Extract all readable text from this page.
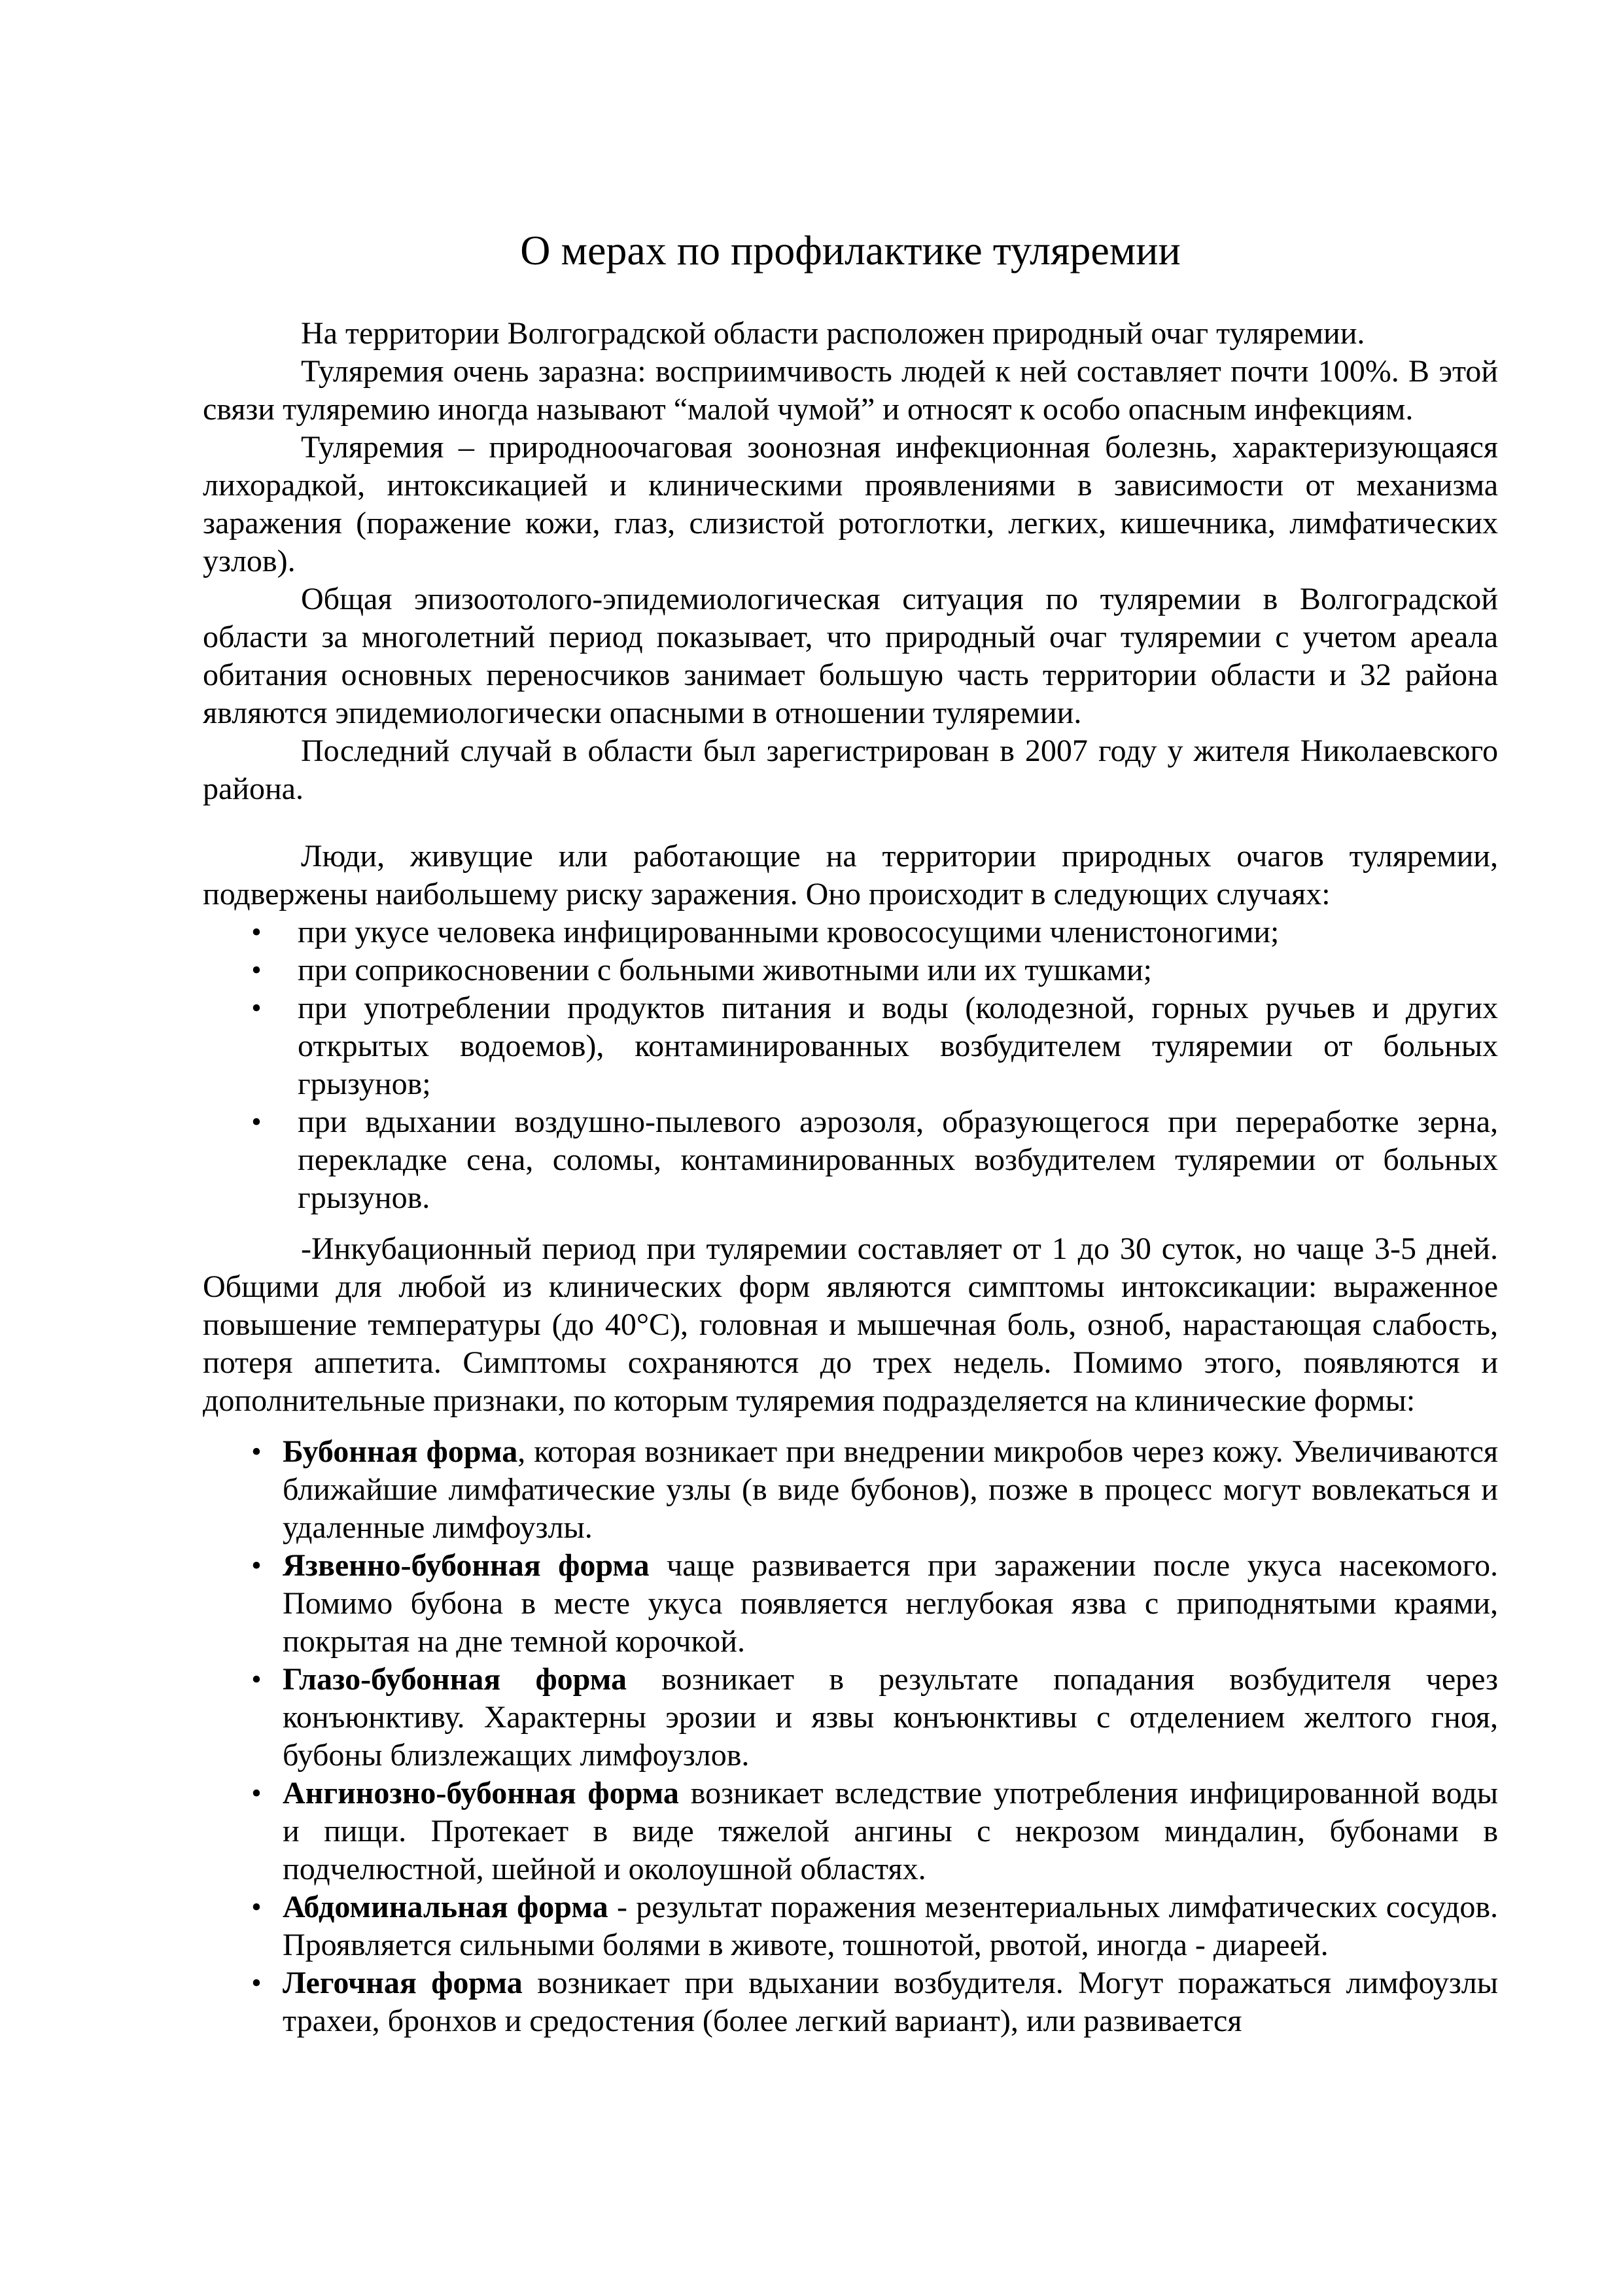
О мерах по профилактике туляремии

На территории Волгоградской области расположен природный очаг туляремии.

Туляремия очень заразна: восприимчивость людей к ней составляет почти 100%. В этой связи туляремию иногда называют “малой чумой” и относят к особо опасным инфекциям.

Туляремия – природноочаговая зоонозная инфекционная болезнь, характеризующаяся лихорадкой, интоксикацией и клиническими проявлениями в зависимости от механизма заражения (поражение кожи, глаз, слизистой ротоглотки, легких, кишечника, лимфатических узлов).

Общая эпизоотолого-эпидемиологическая ситуация по туляремии в Волгоградской области за многолетний период показывает, что природный очаг туляремии с учетом ареала обитания основных переносчиков занимает большую часть территории области и 32 района являются эпидемиологически опасными в отношении туляремии.

Последний случай в области был зарегистрирован в 2007 году у жителя Николаевского района.

Люди, живущие или работающие на территории природных очагов туляремии, подвержены наибольшему риску заражения. Оно происходит в следующих случаях:

• при укусе человека инфицированными кровососущими членистоногими;
• при соприкосновении с больными животными или их тушками;
• при употреблении продуктов питания и воды (колодезной, горных ручьев и других открытых водоемов), контаминированных возбудителем туляремии от больных грызунов;
• при вдыхании воздушно-пылевого аэрозоля, образующегося при переработке зерна, перекладке сена, соломы, контаминированных возбудителем туляремии от больных грызунов.

-Инкубационный период при туляремии составляет от 1 до 30 суток, но чаще 3-5 дней. Общими для любой из клинических форм являются симптомы интоксикации: выраженное повышение температуры (до 40°С), головная и мышечная боль, озноб, нарастающая слабость, потеря аппетита. Симптомы сохраняются до трех недель. Помимо этого, появляются и дополнительные признаки, по которым туляремия подразделяется на клинические формы:

• Бубонная форма, которая возникает при внедрении микробов через кожу. Увеличиваются ближайшие лимфатические узлы (в виде бубонов), позже в процесс могут вовлекаться и удаленные лимфоузлы.
• Язвенно-бубонная форма чаще развивается при заражении после укуса насекомого. Помимо бубона в месте укуса появляется неглубокая язва с приподнятыми краями, покрытая на дне темной корочкой.
• Глазо-бубонная форма возникает в результате попадания возбудителя через конъюнктиву. Характерны эрозии и язвы конъюнктивы с отделением желтого гноя, бубоны близлежащих лимфоузлов.
• Ангинозно-бубонная форма возникает вследствие употребления инфицированной воды и пищи. Протекает в виде тяжелой ангины с некрозом миндалин, бубонами в подчелюстной, шейной и околоушной областях.
• Абдоминальная форма - результат поражения мезентериальных лимфатических сосудов. Проявляется сильными болями в животе, тошнотой, рвотой, иногда - диареей.
• Легочная форма возникает при вдыхании возбудителя. Могут поражаться лимфоузлы трахеи, бронхов и средостения (более легкий вариант), или развивается
